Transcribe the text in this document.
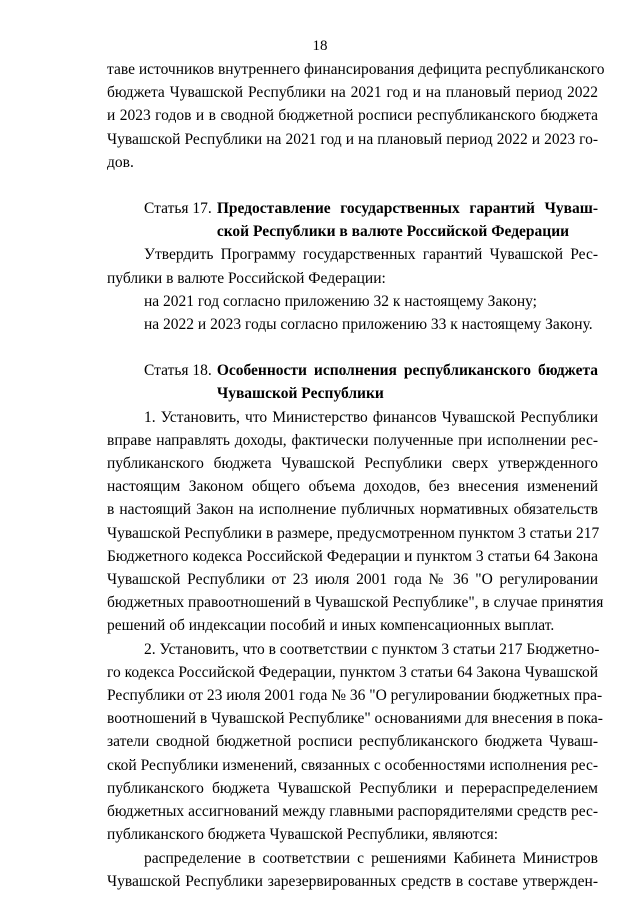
18
таве источников внутреннего финансирования дефицита республиканского
бюджета Чувашской Республики на 2021 год и на плановый период 2022
и 2023 годов и в сводной бюджетной росписи республиканского бюджета
Чувашской Республики на 2021 год и на плановый период 2022 и 2023 го-
дов.
Статья 17. Предоставление государственных гарантий Чуваш-
ской Республики в валюте Российской Федерации
Утвердить Программу государственных гарантий Чувашской Рес-
публики в валюте Российской Федерации:
на 2021 год согласно приложению 32 к настоящему Закону;
на 2022 и 2023 годы согласно приложению 33 к настоящему Закону.
Статья 18. Особенности исполнения республиканского бюджета
Чувашской Республики
1. Установить, что Министерство финансов Чувашской Республики
вправе направлять доходы, фактически полученные при исполнении рес-
публиканского бюджета Чувашской Республики сверх утвержденного
настоящим Законом общего объема доходов, без внесения изменений
в настоящий Закон на исполнение публичных нормативных обязательств
Чувашской Республики в размере, предусмотренном пунктом 3 статьи 217
Бюджетного кодекса Российской Федерации и пунктом 3 статьи 64 Закона
Чувашской Республики от 23 июля 2001 года № 36 "О регулировании
бюджетных правоотношений в Чувашской Республике", в случае принятия
решений об индексации пособий и иных компенсационных выплат.
2. Установить, что в соответствии с пунктом 3 статьи 217 Бюджетно-
го кодекса Российской Федерации, пунктом 3 статьи 64 Закона Чувашской
Республики от 23 июля 2001 года № 36 "О регулировании бюджетных пра-
воотношений в Чувашской Республике" основаниями для внесения в пока-
затели сводной бюджетной росписи республиканского бюджета Чуваш-
ской Республики изменений, связанных с особенностями исполнения рес-
публиканского бюджета Чувашской Республики и перераспределением
бюджетных ассигнований между главными распорядителями средств рес-
публиканского бюджета Чувашской Республики, являются:
распределение в соответствии с решениями Кабинета Министров
Чувашской Республики зарезервированных средств в составе утвержден-
